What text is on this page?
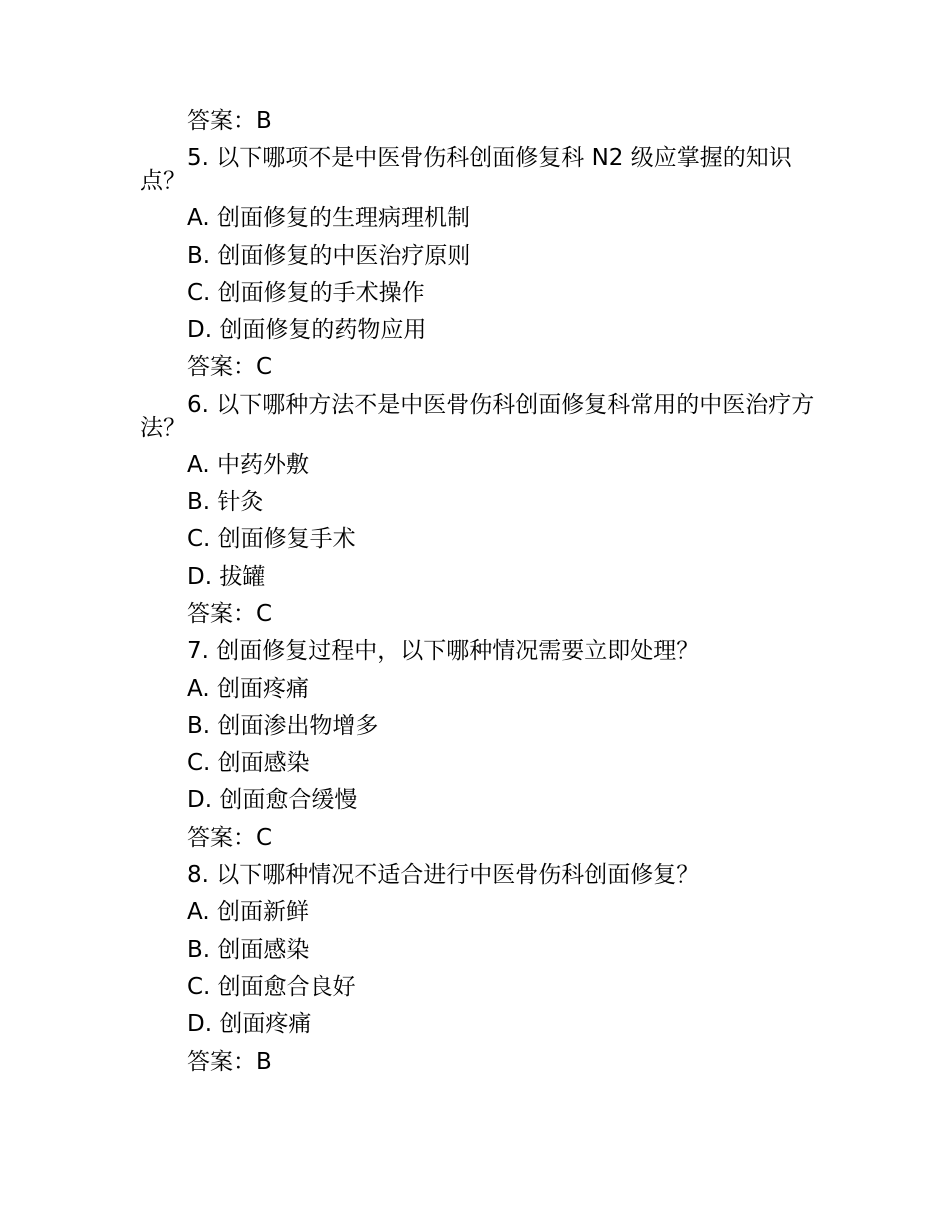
答案：B

5. 以下哪项不是中医骨伤科创面修复科 N2 级应掌握的知识点？

A. 创面修复的生理病理机制

B. 创面修复的中医治疗原则

C. 创面修复的手术操作

D. 创面修复的药物应用

答案：C

6. 以下哪种方法不是中医骨伤科创面修复科常用的中医治疗方法？

A. 中药外敷

B. 针灸

C. 创面修复手术

D. 拔罐

答案：C

7. 创面修复过程中，以下哪种情况需要立即处理？

A. 创面疼痛

B. 创面渗出物增多

C. 创面感染

D. 创面愈合缓慢

答案：C

8. 以下哪种情况不适合进行中医骨伤科创面修复？

A. 创面新鲜

B. 创面感染

C. 创面愈合良好

D. 创面疼痛

答案：B
